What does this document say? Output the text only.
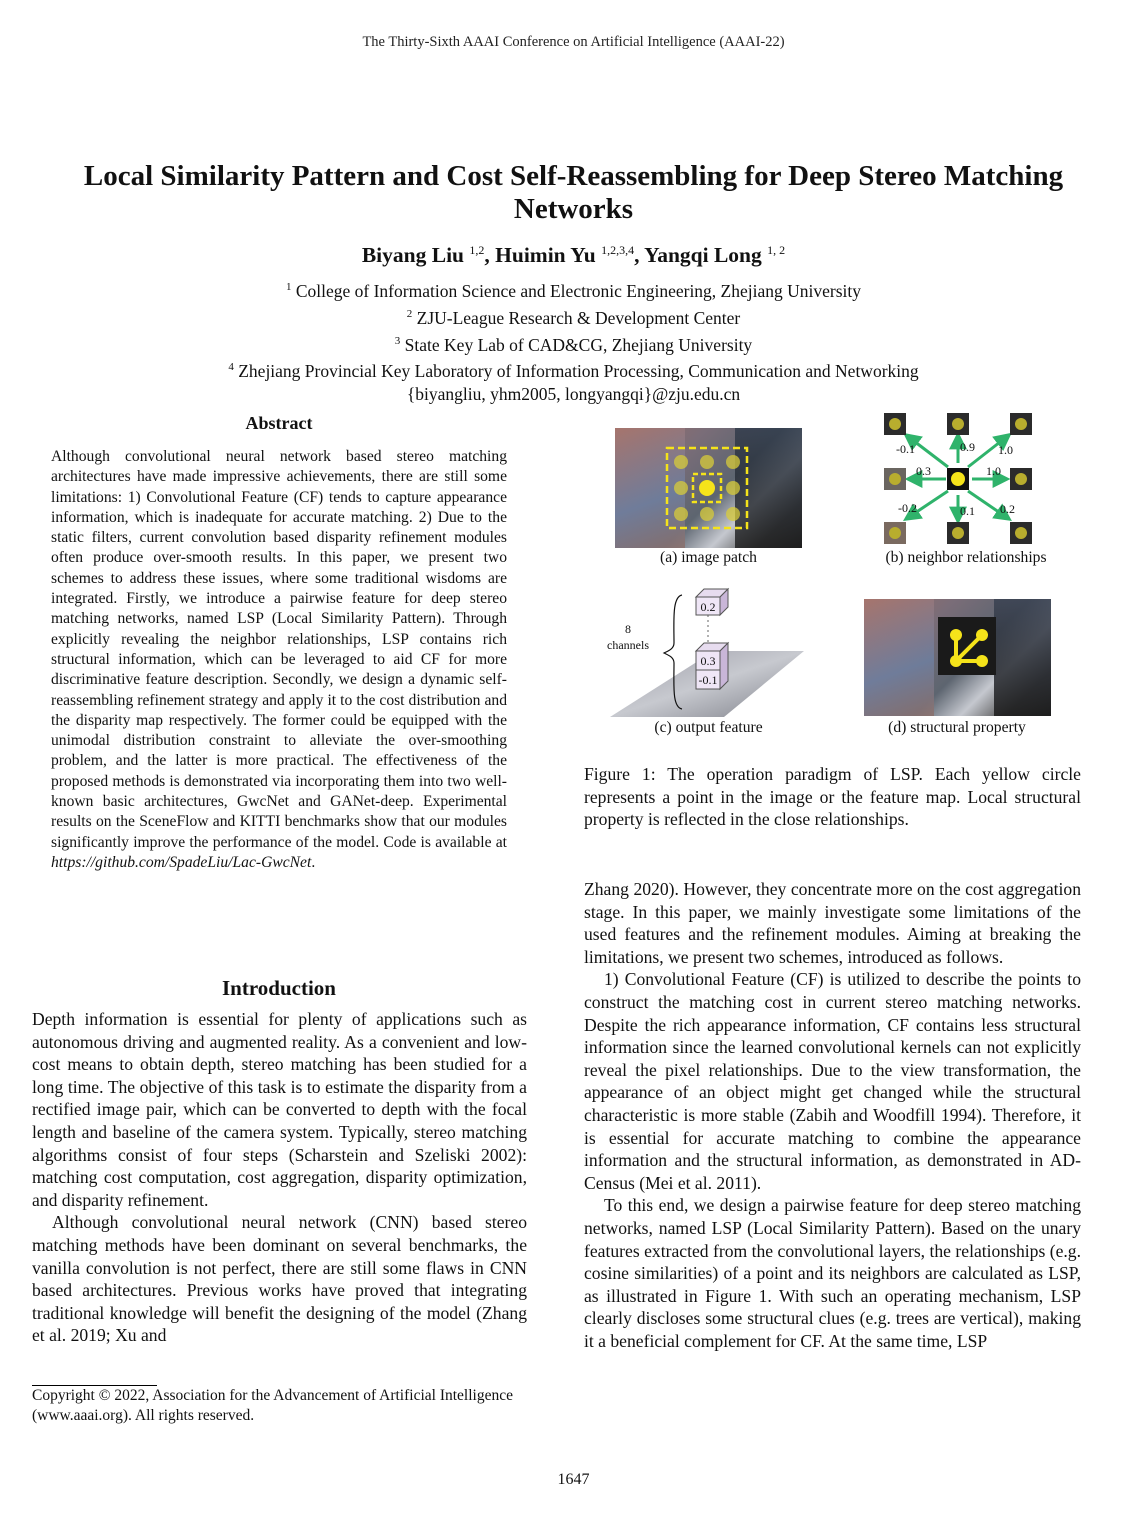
The Thirty-Sixth AAAI Conference on Artificial Intelligence (AAAI-22)
Local Similarity Pattern and Cost Self-Reassembling for Deep Stereo Matching Networks
Biyang Liu $^{1,2}$, Huimin Yu $^{1,2,3,4}$, Yangqi Long $^{1, 2}$
$^1$ College of Information Science and Electronic Engineering, Zhejiang University
$^2$ ZJU-League Research & Development Center
$^3$ State Key Lab of CAD&CG, Zhejiang University
$^4$ Zhejiang Provincial Key Laboratory of Information Processing, Communication and Networking
{biyangliu, yhm2005, longyangqi}@zju.edu.cn
Abstract
Although convolutional neural network based stereo matching architectures have made impressive achievements, there are still some limitations: 1) Convolutional Feature (CF) tends to capture appearance information, which is inadequate for accurate matching. 2) Due to the static filters, current convolution based disparity refinement modules often produce over-smooth results. In this paper, we present two schemes to address these issues, where some traditional wisdoms are integrated. Firstly, we introduce a pairwise feature for deep stereo matching networks, named LSP (Local Similarity Pattern). Through explicitly revealing the neighbor relationships, LSP contains rich structural information, which can be leveraged to aid CF for more discriminative feature description. Secondly, we design a dynamic self-reassembling refinement strategy and apply it to the cost distribution and the disparity map respectively. The former could be equipped with the unimodal distribution constraint to alleviate the over-smoothing problem, and the latter is more practical. The effectiveness of the proposed methods is demonstrated via incorporating them into two well-known basic architectures, GwcNet and GANet-deep. Experimental results on the SceneFlow and KITTI benchmarks show that our modules significantly improve the performance of the model. Code is available at https://github.com/SpadeLiu/Lac-GwcNet.
Introduction

Depth information is essential for plenty of applications such as autonomous driving and augmented reality. As a convenient and low-cost means to obtain depth, stereo matching has been studied for a long time. The objective of this task is to estimate the disparity from a rectified image pair, which can be converted to depth with the focal length and baseline of the camera system. Typically, stereo matching algorithms consist of four steps (Scharstein and Szeliski 2002): matching cost computation, cost aggregation, disparity optimization, and disparity refinement.

Although convolutional neural network (CNN) based stereo matching methods have been dominant on several benchmarks, the vanilla convolution is not perfect, there are still some flaws in CNN based architectures. Previous works have proved that integrating traditional knowledge will benefit the designing of the model (Zhang et al. 2019; Xu and

Copyright © 2022, Association for the Advancement of Artificial Intelligence (www.aaai.org). All rights reserved.
(a) image patch
-0.1	0.9 1.0
0.3	1.0
-0.2	0.1 0.2
(b) neighbor relationships
0.2
0.3
-0.1
8
channels
(c) output feature	(d) structural property
Figure 1: The operation paradigm of LSP. Each yellow circle represents a point in the image or the feature map. Local structural property is reflected in the close relationships.

Zhang 2020). However, they concentrate more on the cost aggregation stage. In this paper, we mainly investigate some limitations of the used features and the refinement modules. Aiming at breaking the limitations, we present two schemes, introduced as follows.

1) Convolutional Feature (CF) is utilized to describe the points to construct the matching cost in current stereo matching networks. Despite the rich appearance information, CF contains less structural information since the learned convolutional kernels can not explicitly reveal the pixel relationships. Due to the view transformation, the appearance of an object might get changed while the structural characteristic is more stable (Zabih and Woodfill 1994). Therefore, it is essential for accurate matching to combine the appearance information and the structural information, as demonstrated in AD-Census (Mei et al. 2011).

To this end, we design a pairwise feature for deep stereo matching networks, named LSP (Local Similarity Pattern). Based on the unary features extracted from the convolutional layers, the relationships (e.g. cosine similarities) of a point and its neighbors are calculated as LSP, as illustrated in Figure 1. With such an operating mechanism, LSP clearly discloses some structural clues (e.g. trees are vertical), making it a beneficial complement for CF. At the same time, LSP

1647
